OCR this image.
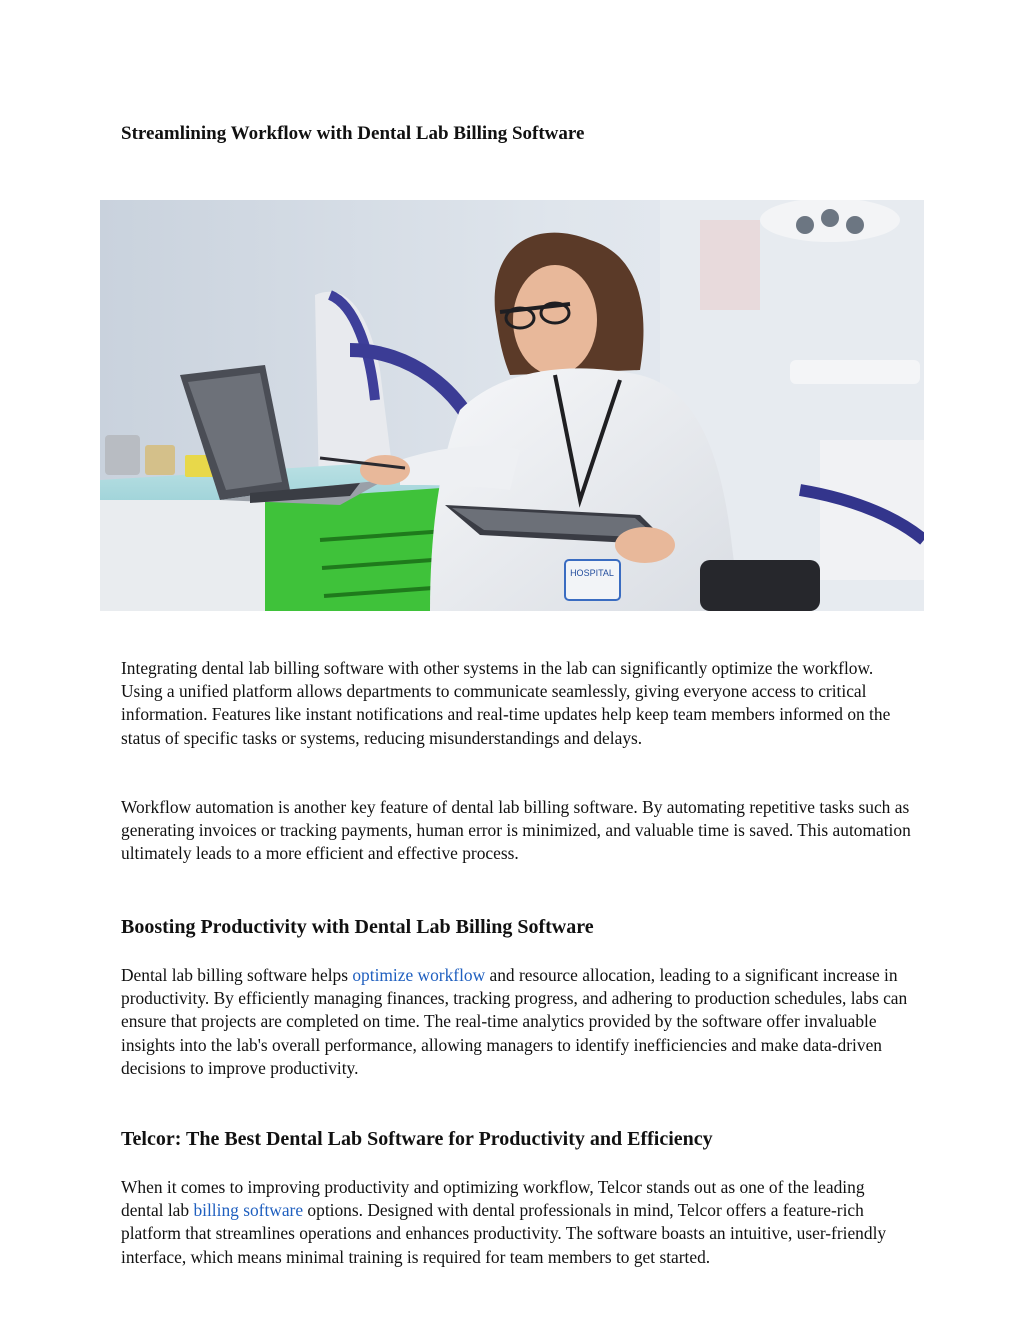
Streamlining Workflow with Dental Lab Billing Software
HOSPITAL

Integrating dental lab billing software with other systems in the lab can significantly optimize the workflow. Using a unified platform allows departments to communicate seamlessly, giving everyone access to critical information. Features like instant notifications and real-time updates help keep team members informed on the status of specific tasks or systems, reducing misunderstandings and delays.

Workflow automation is another key feature of dental lab billing software. By automating repetitive tasks such as generating invoices or tracking payments, human error is minimized, and valuable time is saved. This automation ultimately leads to a more efficient and effective process.

Boosting Productivity with Dental Lab Billing Software

Dental lab billing software helps optimize workflow and resource allocation, leading to a significant increase in productivity. By efficiently managing finances, tracking progress, and adhering to production schedules, labs can ensure that projects are completed on time. The real-time analytics provided by the software offer invaluable insights into the lab's overall performance, allowing managers to identify inefficiencies and make data-driven decisions to improve productivity.

Telcor: The Best Dental Lab Software for Productivity and Efficiency

When it comes to improving productivity and optimizing workflow, Telcor stands out as one of the leading dental lab billing software options. Designed with dental professionals in mind, Telcor offers a feature-rich platform that streamlines operations and enhances productivity. The software boasts an intuitive, user-friendly interface, which means minimal training is required for team members to get started.
